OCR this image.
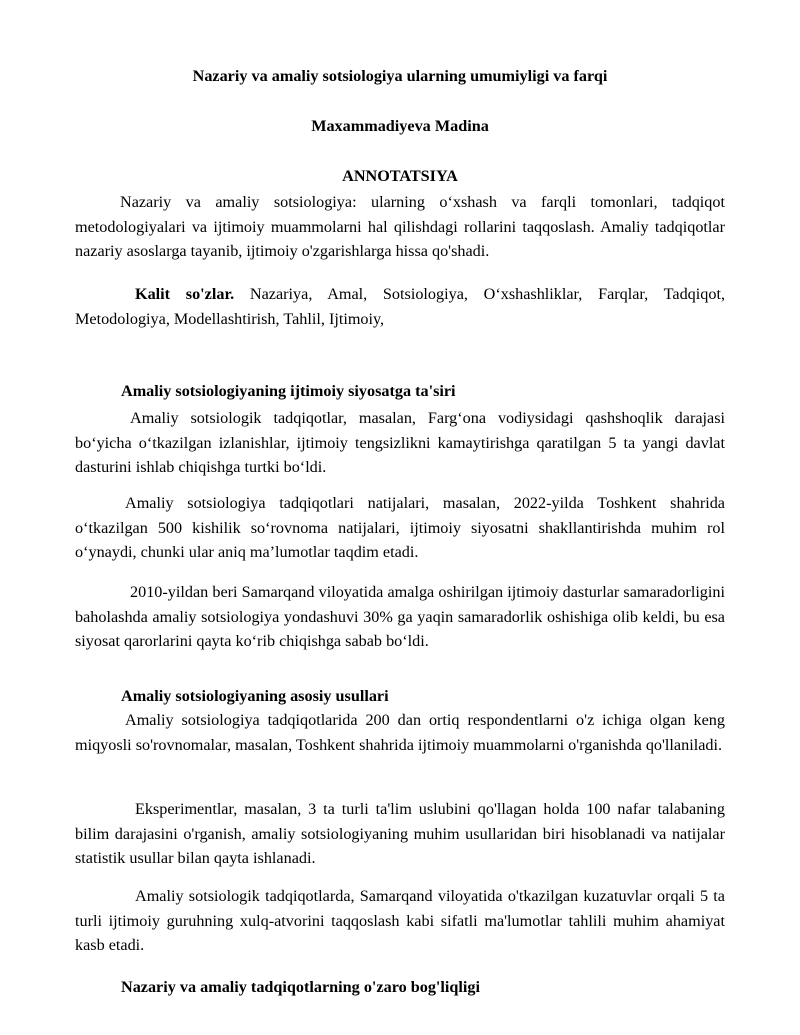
Nazariy va amaliy sotsiologiya ularning umumiyligi va farqi
Maxammadiyeva Madina
ANNOTATSIYA
Nazariy va amaliy sotsiologiya: ularning o‘xshash va farqli tomonlari, tadqiqot metodologiyalari va ijtimoiy muammolarni hal qilishdagi rollarini taqqoslash. Amaliy tadqiqotlar nazariy asoslarga tayanib, ijtimoiy o'zgarishlarga hissa qo'shadi.
Kalit so'zlar. Nazariya, Amal, Sotsiologiya, O‘xshashliklar, Farqlar, Tadqiqot, Metodologiya, Modellashtirish, Tahlil, Ijtimoiy,
Amaliy sotsiologiyaning ijtimoiy siyosatga ta'siri
Amaliy sotsiologik tadqiqotlar, masalan, Farg‘ona vodiysidagi qashshoqlik darajasi bo‘yicha o‘tkazilgan izlanishlar, ijtimoiy tengsizlikni kamaytirishga qaratilgan 5 ta yangi davlat dasturini ishlab chiqishga turtki bo‘ldi.
Amaliy sotsiologiya tadqiqotlari natijalari, masalan, 2022-yilda Toshkent shahrida o‘tkazilgan 500 kishilik so‘rovnoma natijalari, ijtimoiy siyosatni shakllantirishda muhim rol o‘ynaydi, chunki ular aniq ma’lumotlar taqdim etadi.
2010-yildan beri Samarqand viloyatida amalga oshirilgan ijtimoiy dasturlar samaradorligini baholashda amaliy sotsiologiya yondashuvi 30% ga yaqin samaradorlik oshishiga olib keldi, bu esa siyosat qarorlarini qayta ko‘rib chiqishga sabab bo‘ldi.
Amaliy sotsiologiyaning asosiy usullari
Amaliy sotsiologiya tadqiqotlarida 200 dan ortiq respondentlarni o'z ichiga olgan keng miqyosli so'rovnomalar, masalan, Toshkent shahrida ijtimoiy muammolarni o'rganishda qo'llaniladi.
Eksperimentlar, masalan, 3 ta turli ta'lim uslubini qo'llagan holda 100 nafar talabaning bilim darajasini o'rganish, amaliy sotsiologiyaning muhim usullaridan biri hisoblanadi va natijalar statistik usullar bilan qayta ishlanadi.
Amaliy sotsiologik tadqiqotlarda, Samarqand viloyatida o'tkazilgan kuzatuvlar orqali 5 ta turli ijtimoiy guruhning xulq-atvorini taqqoslash kabi sifatli ma'lumotlar tahlili muhim ahamiyat kasb etadi.
Nazariy va amaliy tadqiqotlarning o'zaro bog'liqligi
